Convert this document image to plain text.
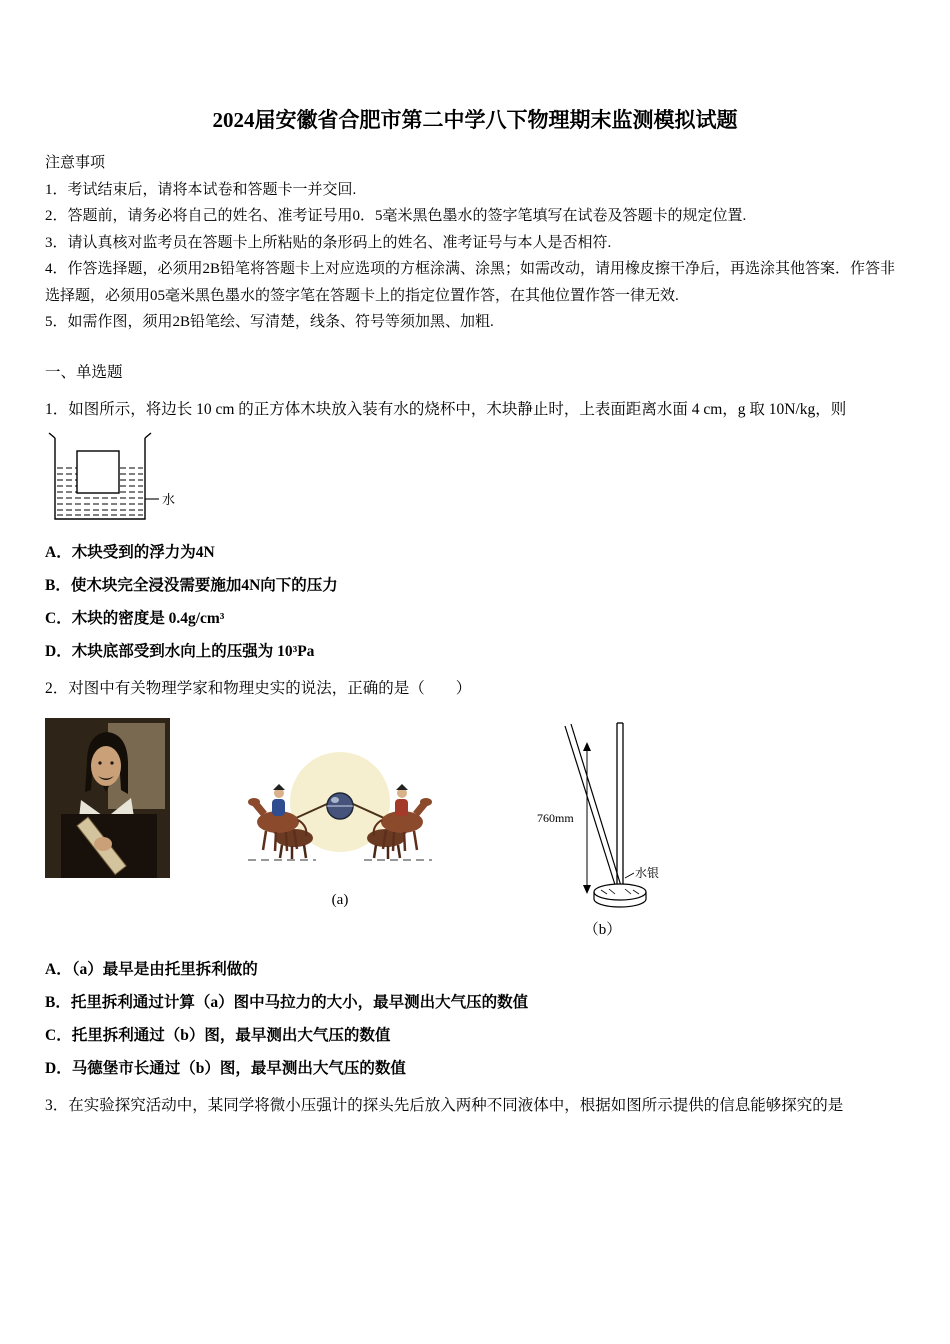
2024届安徽省合肥市第二中学八下物理期末监测模拟试题

注意事项

1．考试结束后，请将本试卷和答题卡一并交回.

2．答题前，请务必将自己的姓名、准考证号用0．5毫米黑色墨水的签字笔填写在试卷及答题卡的规定位置.

3．请认真核对监考员在答题卡上所粘贴的条形码上的姓名、准考证号与本人是否相符.

4．作答选择题，必须用2B铅笔将答题卡上对应选项的方框涂满、涂黑；如需改动，请用橡皮擦干净后，再选涂其他答案．作答非选择题，必须用05毫米黑色墨水的签字笔在答题卡上的指定位置作答，在其他位置作答一律无效.

5．如需作图，须用2B铅笔绘、写清楚，线条、符号等须加黑、加粗.

一、单选题

1．如图所示，将边长 10 cm 的正方体木块放入装有水的烧杯中，木块静止时，上表面距离水面 4 cm，g 取 10N/kg，则

水

A．木块受到的浮力为4N

B．使木块完全浸没需要施加4N向下的压力

C．木块的密度是 0.4g/cm³

D．木块底部受到水向上的压强为 10³Pa

2．对图中有关物理学家和物理史实的说法，正确的是（　　）

(a)
760mm
水银
（b）

A．（a）最早是由托里拆利做的

B．托里拆利通过计算（a）图中马拉力的大小，最早测出大气压的数值

C．托里拆利通过（b）图，最早测出大气压的数值

D．马德堡市长通过（b）图，最早测出大气压的数值

3．在实验探究活动中，某同学将微小压强计的探头先后放入两种不同液体中，根据如图所示提供的信息能够探究的是
